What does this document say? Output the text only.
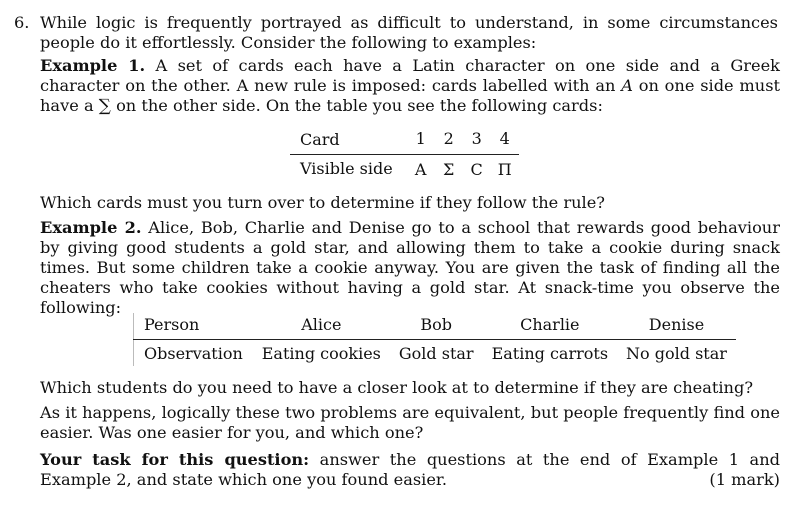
6. While logic is frequently portrayed as difficult to understand, in some circumstances people do it effortlessly. Consider the following to examples:
Example 1. A set of cards each have a Latin character on one side and a Greek character on the other. A new rule is imposed: cards labelled with an A on one side must have a ∑ on the other side. On the table you see the following cards:
Card	1	2	3	4
Visible side	A	Σ	C	Π
Which cards must you turn over to determine if they follow the rule?
Example 2. Alice, Bob, Charlie and Denise go to a school that rewards good behaviour by giving good students a gold star, and allowing them to take a cookie during snack times. But some children take a cookie anyway. You are given the task of finding all the cheaters who take cookies without having a gold star. At snack-time you observe the following:
Person	Alice	Bob	Charlie	Denise
Observation	Eating cookies	Gold star	Eating carrots	No gold star
Which students do you need to have a closer look at to determine if they are cheating?
As it happens, logically these two problems are equivalent, but people frequently find one easier. Was one easier for you, and which one?
Your task for this question: answer the questions at the end of Example 1 and Example 2, and state which one you found easier.	(1 mark)
